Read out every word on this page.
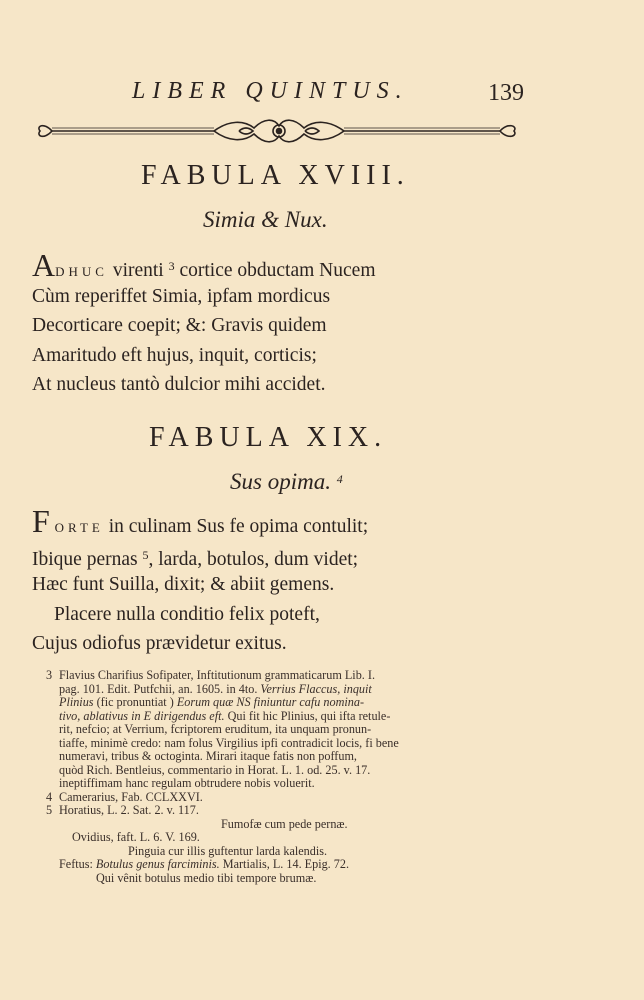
LIBER QUINTUS.	139
FABULA XVIII.
Simia & Nux.
ADHUC virenti $^3$ cortice obductam Nucem
Cùm reperiffet Simia, ipfam mordicus
Decorticare coepit; &: Gravis quidem
Amaritudo eft hujus, inquit, corticis;
At nucleus tantò dulcior mihi accidet.
FABULA XIX.
Sus opima. $^4$
F ORTE in culinam Sus fe opima contulit;
Ibique pernas $^5$, larda, botulos, dum videt;
Hæc funt Suilla, dixit; & abiit gemens.
Placere nulla conditio felix poteft,
Cujus odiofus prævidetur exitus.
3 Flavius Charifius Sofipater, Inftitutionum grammaticarum Lib. I.
pag. 101. Edit. Putfchii, an. 1605. in 4to. Verrius Flaccus, inquit
Plinius (fic pronuntiat ) Eorum quæ NS finiuntur cafu nomina-
tivo, ablativus in E dirigendus eft. Qui fit hic Plinius, qui ifta retule-
rit, nefcio; at Verrium, fcriptorem eruditum, ita unquam pronun-
tiaffe, minimè credo: nam folus Virgilius ipfi contradicit locis, fi bene
numeravi, tribus & octoginta. Mirari itaque fatis non poffum,
quòd Rich. Bentleius, commentario in Horat. L. 1. od. 25. v. 17.
ineptiffimam hanc regulam obtrudere nobis voluerit.
4 Camerarius, Fab. CCLXXVI.
5 Horatius, L. 2. Sat. 2. v. 117.
Fumofæ cum pede pernæ.
Ovidius, faft. L. 6. V. 169.
Pinguia cur illis guftentur larda kalendis.
Feftus: Botulus genus farciminis. Martialis, L. 14. Epig. 72.
Qui vênit botulus medio tibi tempore brumæ.
